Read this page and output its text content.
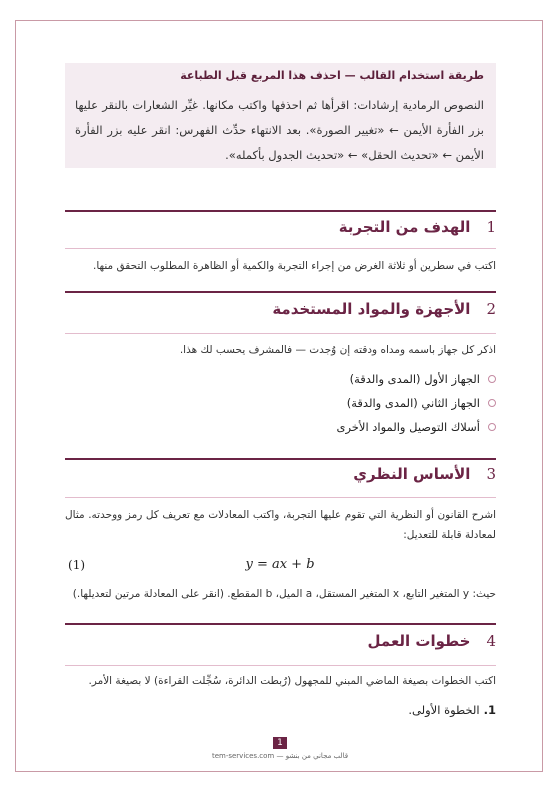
طريقة استخدام القالب — احذف هذا المربع قبل الطباعة
النصوص الرمادية إرشادات: اقرأها ثم احذفها واكتب مكانها. غيِّر الشعارات بالنقر عليها بزر الفأرة الأيمن ← «تغيير الصورة». بعد الانتهاء حدِّث الفهرس: انقر عليه بزر الفأرة الأيمن ← «تحديث الحقل» ← «تحديث الجدول بأكمله».
1
الهدف من التجربة
اكتب في سطرين أو ثلاثة الغرض من إجراء التجربة والكمية أو الظاهرة المطلوب التحقق منها.
2
الأجهزة والمواد المستخدمة
اذكر كل جهاز باسمه ومداه ودقته إن وُجدت — فالمشرف يحسب لك هذا.
الجهاز الأول (المدى والدقة)
الجهاز الثاني (المدى والدقة)
أسلاك التوصيل والمواد الأخرى
3
الأساس النظري
اشرح القانون أو النظرية التي تقوم عليها التجربة، واكتب المعادلات مع تعريف كل رمز ووحدته. مثال لمعادلة قابلة للتعديل:
y = ax + b
(1)
حيث: y المتغير التابع، x المتغير المستقل، a الميل، b المقطع. (انقر على المعادلة مرتين لتعديلها.)
4
خطوات العمل
اكتب الخطوات بصيغة الماضي المبني للمجهول (رُبطت الدائرة، سُجِّلت القراءة) لا بصيغة الأمر.
1.
الخطوة الأولى.
1
قالب مجاني من بنشو — tem-services.com
